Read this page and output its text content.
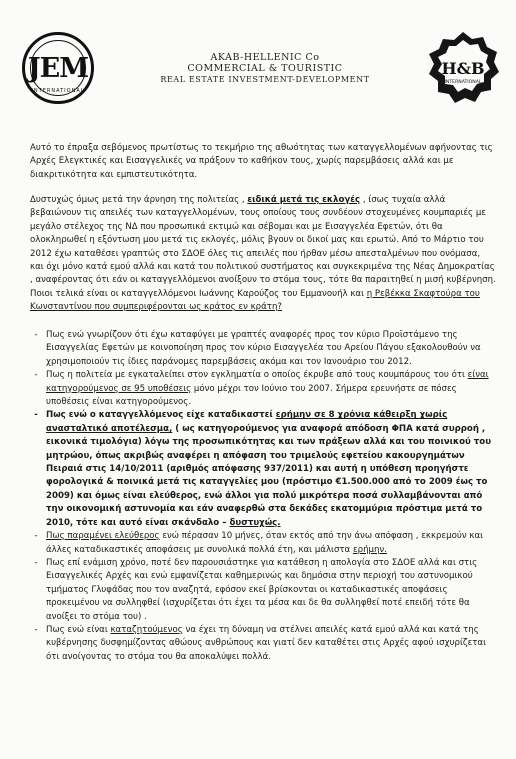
JEM
INTERNATIONAL
AKAB-HELLENIC Co
COMMERCIAL & TOURISTIC
REAL ESTATE INVESTMENT-DEVELOPMENT
H&B
INTERNATIONAL
Αυτό το έπραξα σεβόμενος πρωτίστως το τεκμήριο της αθωότητας των καταγγελλομένων αφήνοντας τις Αρχές Ελεγκτικές και Εισαγγελικές να πράξουν το καθήκον τους, χωρίς παρεμβάσεις αλλά και με διακριτικότητα και εμπιστευτικότητα.
Δυστυχώς όμως μετά την άρνηση της πολιτείας , ειδικά μετά τις εκλογές , ίσως τυχαία αλλά βεβαιώνουν τις απειλές των καταγγελλομένων, τους οποίους τους συνδέουν στοχευμένες κουμπαριές με μεγάλο στέλεχος της ΝΔ που προσωπικά εκτιμώ και σέβομαι και με Εισαγγελέα Εφετών, ότι θα ολοκληρωθεί η εξόντωση μου μετά τις εκλογές, μόλις βγουν οι δικοί μας και ερωτώ. Από το Μάρτιο του 2012 έχω καταθέσει γραπτώς στο ΣΔΟΕ όλες τις απειλές που ήρθαν μέσω απεσταλμένων που ονόμασα, και όχι μόνο κατά εμού αλλά και κατά του πολιτικού συστήματος και συγκεκριμένα της Νέας Δημοκρατίας , αναφέροντας ότι εάν οι καταγγελλόμενοι ανοίξουν το στόμα τους, τότε θα παραιτηθεί η μισή κυβέρνηση. Ποιοι τελικά είναι οι καταγγελλόμενοι Ιωάννης Καρούζος του Εμμανουήλ και η Ρεβέκκα Σκαφτούρα του Κωνσταντίνου που συμπεριφέρονται ως κράτος εν κράτη?
- Πως ενώ γνωρίζουν ότι έχω καταφύγει με γραπτές αναφορές προς τον κύριο Προϊστάμενο της Εισαγγελίας Εφετών με κοινοποίηση προς τον κύριο Εισαγγελέα του Αρείου Πάγου εξακολουθούν να χρησιμοποιούν τις ίδιες παράνομες παρεμβάσεις ακόμα και τον Ιανουάριο του 2012.
- Πως η πολιτεία με εγκαταλείπει στον εγκληματία ο οποίος έκρυβε από τους κουμπάρους του ότι είναι κατηγορούμενος σε 95 υποθέσεις μόνο μέχρι τον Ιούνιο του 2007. Σήμερα ερευνήστε σε πόσες υποθέσεις είναι κατηγορούμενος.
- Πως ενώ ο καταγγελλόμενος είχε καταδικαστεί ερήμην σε 8 χρόνια κάθειρξη χωρίς ανασταλτικό αποτέλεσμα, ( ως κατηγορούμενος για αναφορά απόδοση ΦΠΑ κατά συρροή , εικονικά τιμολόγια) λόγω της προσωπικότητας και των πράξεων αλλά και του ποινικού του μητρώου, όπως ακριβώς αναφέρει η απόφαση του τριμελούς εφετείου κακουργημάτων Πειραιά στις 14/10/2011 (αριθμός απόφασης 937/2011) και αυτή η υπόθεση προηγήστε φορολογικά & ποινικά μετά τις καταγγελίες μου (πρόστιμο €1.500.000 από το 2009 έως το 2009) και όμως είναι ελεύθερος, ενώ άλλοι για πολύ μικρότερα ποσά συλλαμβάνονται από την οικονομική αστυνομία και εάν αναφερθώ στα δεκάδες εκατομμύρια πρόστιμα μετά το 2010, τότε και αυτό είναι σκάνδαλο – δυστυχώς.
- Πως παραμένει ελεύθερος ενώ πέρασαν 10 μήνες, όταν εκτός από την άνω απόφαση , εκκρεμούν και άλλες καταδικαστικές αποφάσεις με συνολικά πολλά έτη, και μάλιστα ερήμην.
- Πως επί ενάμιση χρόνο, ποτέ δεν παρουσιάστηκε για κατάθεση η απολογία στο ΣΔΟΕ αλλά και στις Εισαγγελικές Αρχές και ενώ εμφανίζεται καθημερινώς και δημόσια στην περιοχή του αστυνομικού τμήματος Γλυφάδας που τον αναζητά, εφόσον εκεί βρίσκονται οι καταδικαστικές αποφάσεις προκειμένου να συλληφθεί (ισχυρίζεται ότι έχει τα μέσα και δε θα συλληφθεί ποτέ επειδή τότε θα ανοίξει το στόμα του) .
- Πως ενώ είναι καταζητούμενος να έχει τη δύναμη να στέλνει απειλές κατά εμού αλλά και κατά της κυβέρνησης δυσφημίζοντας αθώους ανθρώπους και γιατί δεν καταθέτει στις Αρχές αφού ισχυρίζεται ότι ανοίγοντας το στόμα του θα αποκαλύψει πολλά.
